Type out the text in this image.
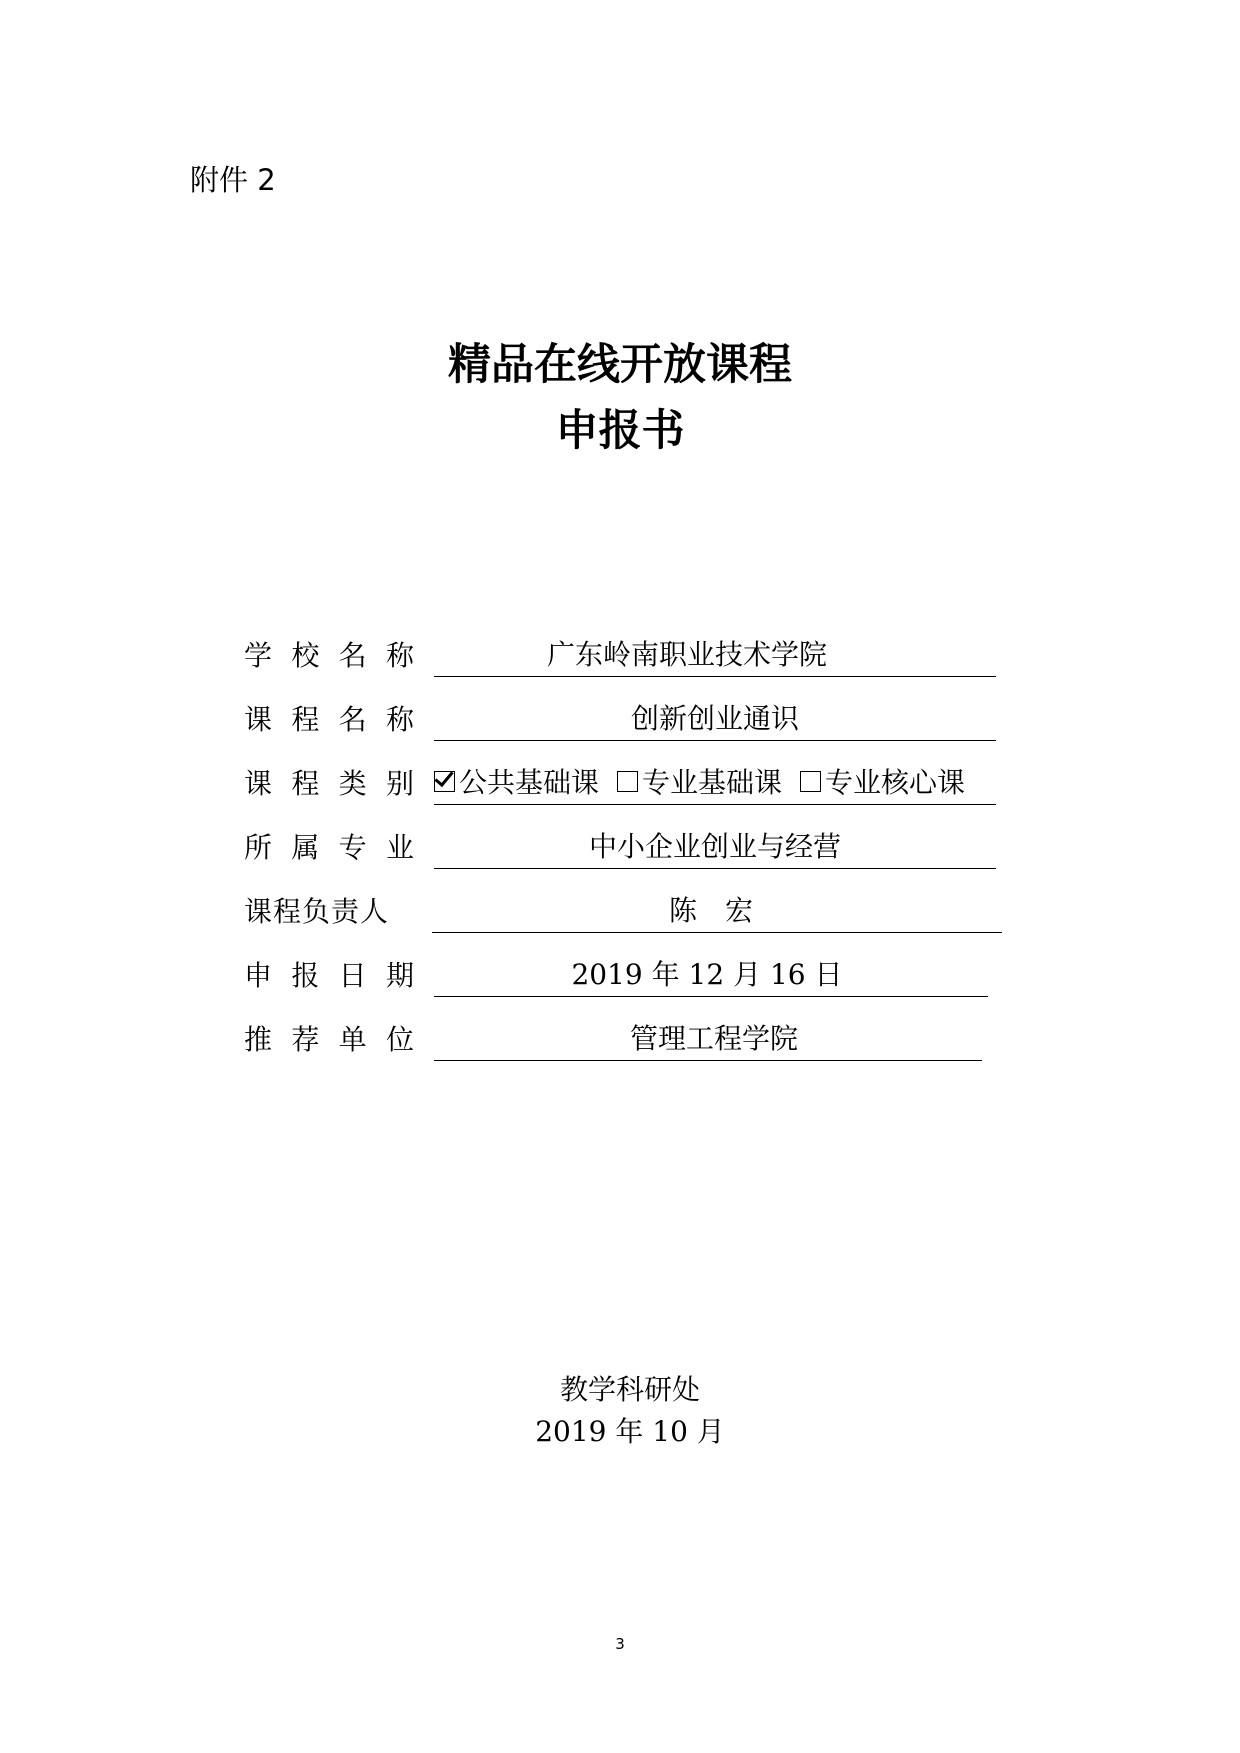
附件 2
精品在线开放课程
申报书
学 校 名 称	广东岭南职业技术学院
课 程 名 称	创新创业通识
课 程 类 别 公共基础课 专业基础课 专业核心课
所 属 专 业	中小企业创业与经营
课程负责人	陈　宏
申 报 日 期	2019 年 12 月 16 日
推 荐 单 位	管理工程学院
教学科研处
2019 年 10 月
3
